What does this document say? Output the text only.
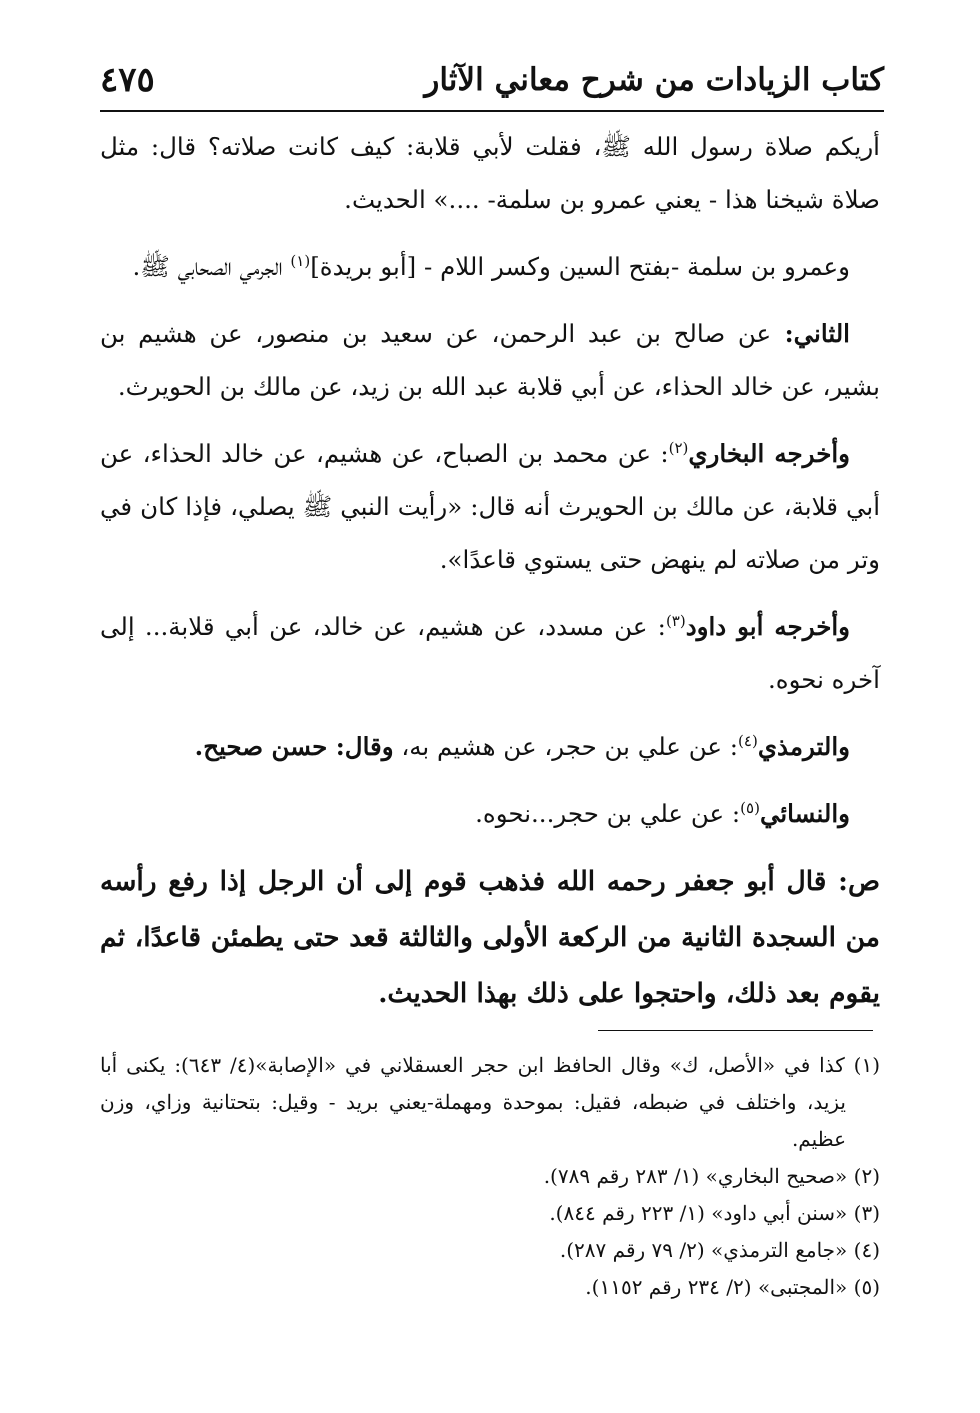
٤٧٥	كتاب الزيادات من شرح معاني الآثار

أريكم صلاة رسول الله ﷺ، فقلت لأبي قلابة: كيف كانت صلاته؟ قال: مثل صلاة شيخنا هذا - يعني عمرو بن سلمة- ....» الحديث.

وعمرو بن سلمة -بفتح السين وكسر اللام - [أبو بريدة]$^{(١)}$ الجرمي الصحابي ﷺ.

الثاني: عن صالح بن عبد الرحمن، عن سعيد بن منصور، عن هشيم بن بشير، عن خالد الحذاء، عن أبي قلابة عبد الله بن زيد، عن مالك بن الحويرث.

وأخرجه البخاري$^{(٢)}$: عن محمد بن الصباح، عن هشيم، عن خالد الحذاء، عن أبي قلابة، عن مالك بن الحويرث أنه قال: «رأيت النبي ﷺ يصلي، فإذا كان في وتر من صلاته لم ينهض حتى يستوي قاعدًا».

وأخرجه أبو داود$^{(٣)}$: عن مسدد، عن هشيم، عن خالد، عن أبي قلابة... إلى آخره نحوه.

والترمذي$^{(٤)}$: عن علي بن حجر، عن هشيم به، وقال: حسن صحيح.

والنسائي$^{(٥)}$: عن علي بن حجر...نحوه.

ص: قال أبو جعفر رحمه الله فذهب قوم إلى أن الرجل إذا رفع رأسه من السجدة الثانية من الركعة الأولى والثالثة قعد حتى يطمئن قاعدًا، ثم يقوم بعد ذلك، واحتجوا على ذلك بهذا الحديث.

(١) كذا في «الأصل، ك» وقال الحافظ ابن حجر العسقلاني في «الإصابة»(٤/ ٦٤٣): يكنى أبا يزيد، واختلف في ضبطه، فقيل: بموحدة ومهملة-يعني بريد - وقيل: بتحتانية وزاي، وزن عظيم.

(٢) «صحيح البخاري» (١/ ٢٨٣ رقم ٧٨٩).

(٣) «سنن أبي داود» (١/ ٢٢٣ رقم ٨٤٤).

(٤) «جامع الترمذي» (٢/ ٧٩ رقم ٢٨٧).

(٥) «المجتبى» (٢/ ٢٣٤ رقم ١١٥٢).
